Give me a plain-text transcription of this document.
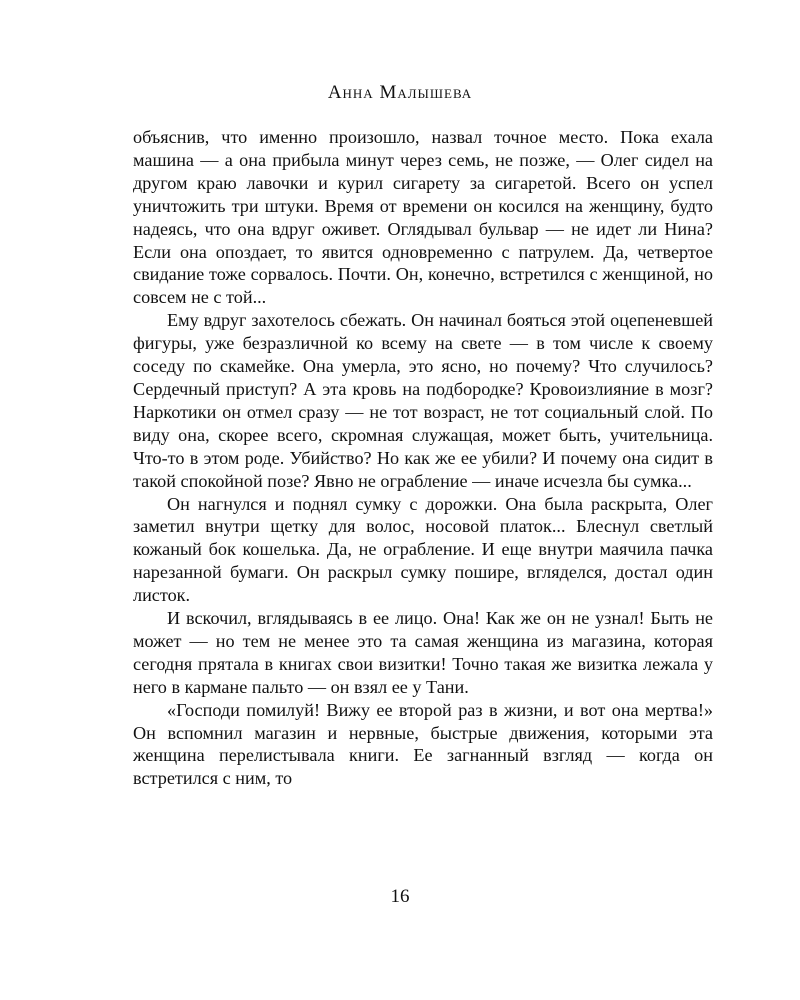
Анна Малышева

объяснив, что именно произошло, назвал точное место. Пока ехала машина — а она прибыла минут через семь, не позже, — Олег сидел на другом краю лавочки и курил сигарету за сигаретой. Всего он успел уничтожить три штуки. Время от времени он косился на женщину, будто надеясь, что она вдруг оживет. Оглядывал бульвар — не идет ли Нина? Если она опоздает, то явится одновременно с патрулем. Да, четвертое свидание тоже сорвалось. Почти. Он, конечно, встретился с женщиной, но совсем не с той...

Ему вдруг захотелось сбежать. Он начинал бояться этой оцепеневшей фигуры, уже безразличной ко всему на свете — в том числе к своему соседу по скамейке. Она умерла, это ясно, но почему? Что случилось? Сердечный приступ? А эта кровь на подбородке? Кровоизлияние в мозг? Наркотики он отмел сразу — не тот возраст, не тот социальный слой. По виду она, скорее всего, скромная служащая, может быть, учительница. Что-то в этом роде. Убийство? Но как же ее убили? И почему она сидит в такой спокойной позе? Явно не ограбление — иначе исчезла бы сумка...

Он нагнулся и поднял сумку с дорожки. Она была раскрыта, Олег заметил внутри щетку для волос, носовой платок... Блеснул светлый кожаный бок кошелька. Да, не ограбление. И еще внутри маячила пачка нарезанной бумаги. Он раскрыл сумку пошире, вгляделся, достал один листок.

И вскочил, вглядываясь в ее лицо. Она! Как же он не узнал! Быть не может — но тем не менее это та самая женщина из магазина, которая сегодня прятала в книгах свои визитки! Точно такая же визитка лежала у него в кармане пальто — он взял ее у Тани.

«Господи помилуй! Вижу ее второй раз в жизни, и вот она мертва!» Он вспомнил магазин и нервные, быстрые движения, которыми эта женщина перелистывала книги. Ее загнанный взгляд — когда он встретился с ним, то

16
